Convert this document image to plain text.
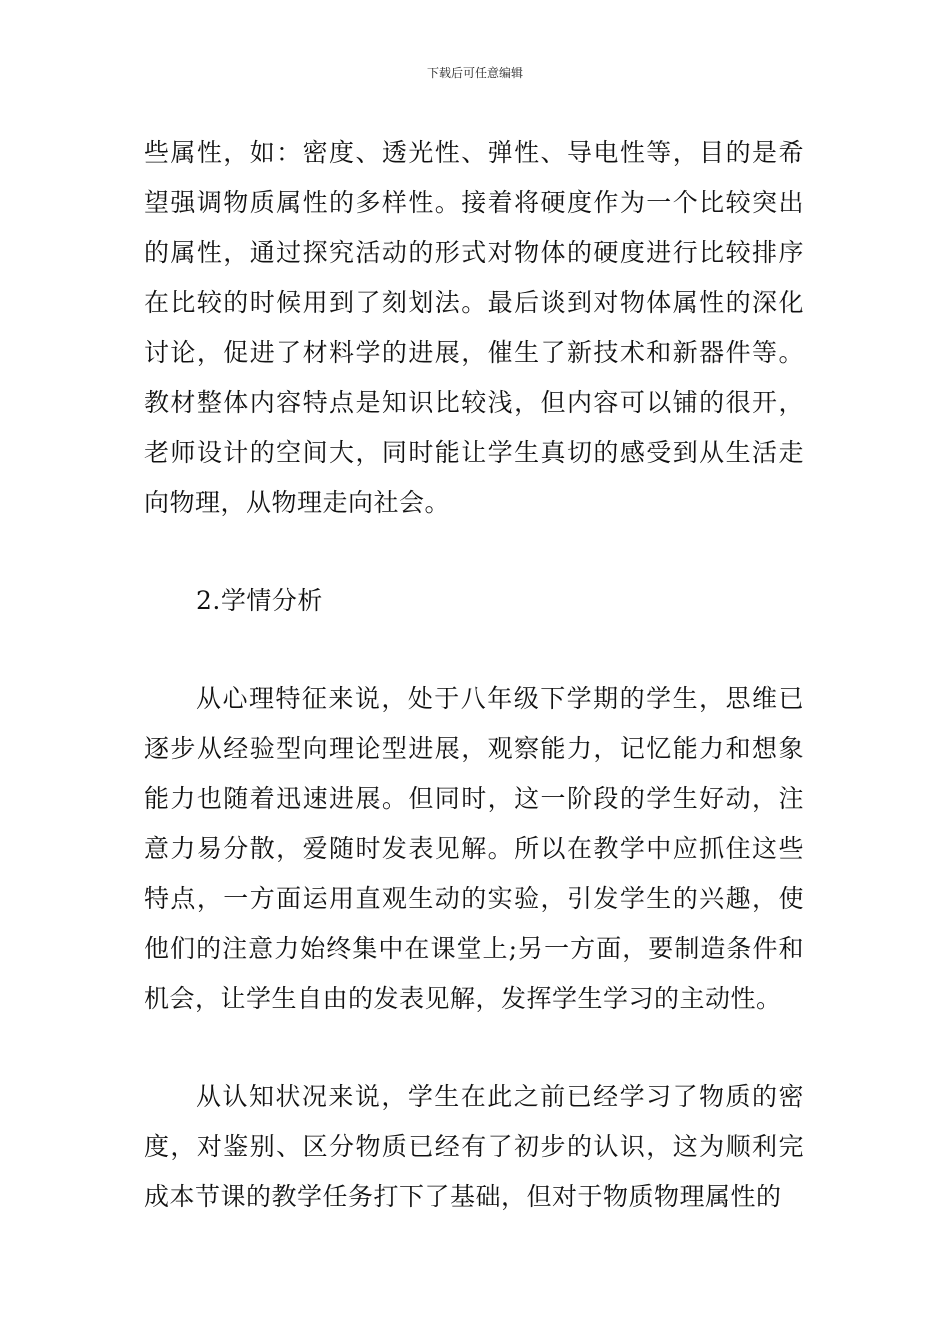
下载后可任意编辑

些属性，如：密度、透光性、弹性、导电性等，目的是希望强调物质属性的多样性。接着将硬度作为一个比较突出的属性，通过探究活动的形式对物体的硬度进行比较排序在比较的时候用到了刻划法。最后谈到对物体属性的深化讨论，促进了材料学的进展，催生了新技术和新器件等。教材整体内容特点是知识比较浅，但内容可以铺的很开，老师设计的空间大，同时能让学生真切的感受到从生活走向物理，从物理走向社会。

2.学情分析

从心理特征来说，处于八年级下学期的学生，思维已逐步从经验型向理论型进展，观察能力，记忆能力和想象能力也随着迅速进展。但同时，这一阶段的学生好动，注意力易分散，爱随时发表见解。所以在教学中应抓住这些特点，一方面运用直观生动的实验，引发学生的兴趣，使他们的注意力始终集中在课堂上;另一方面，要制造条件和机会，让学生自由的发表见解，发挥学生学习的主动性。

从认知状况来说，学生在此之前已经学习了物质的密度，对鉴别、区分物质已经有了初步的认识，这为顺利完成本节课的教学任务打下了基础，但对于物质物理属性的
